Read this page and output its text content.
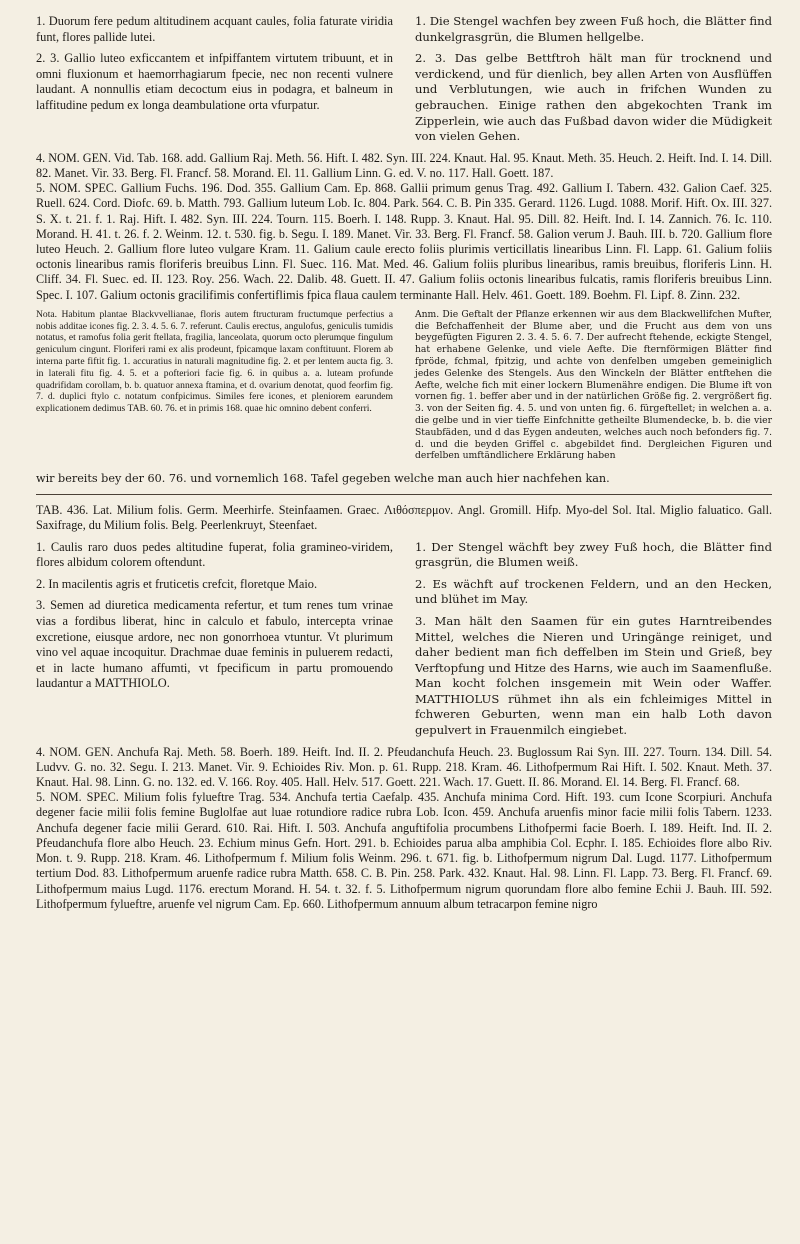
1. Duorum fere pedum altitudinem acquant caules, folia faturate viridia funt, flores pallide lutei.

2. 3. Gallio luteo exficcantem et infpiffantem virtutem tribuunt, et in omni fluxionum et haemorrhagiarum fpecie, nec non recenti vulnere laudant. A nonnullis etiam decoctum eius in podagra, et balneum in laffitudine pedum ex longa deambulatione orta vfurpatur.

1. Die Stengel wachfen bey zween Fuß hoch, die Blätter find dunkelgrasgrün, die Blumen hellgelbe.

2. 3. Das gelbe Bettftroh hält man für trocknend und verdickend, und für dienlich, bey allen Arten von Ausflüffen und Verblutungen, wie auch in frifchen Wunden zu gebrauchen. Einige rathen den abgekochten Trank im Zipperlein, wie auch das Fußbad davon wider die Müdigkeit von vielen Gehen.

4. NOM. GEN. Vid. Tab. 168. add. Gallium Raj. Meth. 56. Hift. I. 482. Syn. III. 224. Knaut. Hal. 95. Knaut. Meth. 35. Heuch. 2. Heift. Ind. I. 14. Dill. 82. Manet. Vir. 33. Berg. Fl. Francf. 58. Morand. El. 11. Gallium Linn. G. ed. V. no. 117. Hall. Goett. 187.

5. NOM. SPEC. Gallium Fuchs. 196. Dod. 355. Gallium Cam. Ep. 868. Gallii primum genus Trag. 492. Gallium I. Tabern. 432. Galion Caef. 325. Ruell. 624. Cord. Diofc. 69. b. Matth. 793. Gallium luteum Lob. Ic. 804. Park. 564. C. B. Pin 335. Gerard. 1126. Lugd. 1088. Morif. Hift. Ox. III. 327. S. X. t. 21. f. 1. Raj. Hift. I. 482. Syn. III. 224. Tourn. 115. Boerh. I. 148. Rupp. 3. Knaut. Hal. 95. Dill. 82. Heift. Ind. I. 14. Zannich. 76. Ic. 110. Morand. H. 41. t. 26. f. 2. Weinm. 12. t. 530. fig. b. Segu. I. 189. Manet. Vir. 33. Berg. Fl. Francf. 58. Galion verum J. Bauh. III. b. 720. Gallium flore luteo Heuch. 2. Gallium flore luteo vulgare Kram. 11. Galium caule erecto foliis plurimis verticillatis linearibus Linn. Fl. Lapp. 61. Galium foliis octonis linearibus ramis floriferis breuibus Linn. Fl. Suec. 116. Mat. Med. 46. Galium foliis pluribus linearibus, ramis breuibus, floriferis Linn. H. Cliff. 34. Fl. Suec. ed. II. 123. Roy. 256. Wach. 22. Dalib. 48. Guett. II. 47. Galium foliis octonis linearibus fulcatis, ramis floriferis breuibus Linn. Spec. I. 107. Galium octonis gracilifimis confertiflimis fpica flaua caulem terminante Hall. Helv. 461. Goett. 189. Boehm. Fl. Lipf. 8. Zinn. 232.

Nota. Habitum plantae Blackvvellianae, floris autem ftructuram fructumque perfectius a nobis additae icones fig. 2. 3. 4. 5. 6. 7. referunt. Caulis erectus, angulofus, geniculis tumidis notatus, et ramofus folia gerit ftellata, fragilia, lanceolata, quorum octo plerumque fingulum geniculum cingunt. Floriferi rami ex alis prodeunt, fpicamque laxam conftituunt. Florem ab interna parte fiftit fig. 1. accuratius in naturali magnitudine fig. 2. et per lentem aucta fig. 3. in laterali fitu fig. 4. 5. et a pofteriori facie fig. 6. in quibus a. a. luteam profunde quadrifidam corollam, b. b. quatuor annexa ftamina, et d. ovarium denotat, quod feorfim fig. 7. d. duplici ftylo c. notatum confpicimus. Similes fere icones, et pleniorem earundem explicationem dedimus TAB. 60. 76. et in primis 168. quae hic omnino debent conferri.

Anm. Die Geftalt der Pflanze erkennen wir aus dem Blackwellifchen Mufter, die Befchaffenheit der Blume aber, und die Frucht aus dem von uns beygefügten Figuren 2. 3. 4. 5. 6. 7. Der aufrecht ftehende, eckigte Stengel, hat erhabene Gelenke, und viele Aefte. Die fternförmigen Blätter find fpröde, fchmal, fpitzig, und achte von denfelben umgeben gemeiniglich jedes Gelenke des Stengels. Aus den Winckeln der Blätter entftehen die Aefte, welche fich mit einer lockern Blumenähre endigen. Die Blume ift von vornen fig. 1. beffer aber und in der natürlichen Größe fig. 2. vergrößert fig. 3. von der Seiten fig. 4. 5. und von unten fig. 6. fürgeftellet; in welchen a. a. die gelbe und in vier tieffe Einfchnitte getheilte Blumendecke, b. b. die vier Staubfäden, und d das Eygen andeuten, welches auch noch befonders fig. 7. d. und die beyden Griffel c. abgebildet find. Dergleichen Figuren und derfelben umftändlichere Erklärung haben

wir bereits bey der 60. 76. und vornemlich 168. Tafel gegeben welche man auch hier nachfehen kan.

TAB. 436. Lat. Milium folis. Germ. Meerhirfe. Steinfaamen. Graec. Λιθόσπερμον. Angl. Gromill. Hifp. Myo-del Sol. Ital. Miglio faluatico. Gall. Saxifrage, du Milium folis. Belg. Peerlenkruyt, Steenfaet.

1. Caulis raro duos pedes altitudine fuperat, folia gramineo-viridem, flores albidum colorem oftendunt.

2. In macilentis agris et fruticetis crefcit, floretque Maio.

3. Semen ad diuretica medicamenta refertur, et tum renes tum vrinae vias a fordibus liberat, hinc in calculo et fabulo, intercepta vrinae excretione, eiusque ardore, nec non gonorrhoea vtuntur. Vt plurimum vino vel aquae incoquitur. Drachmae duae feminis in puluerem redacti, et in lacte humano affumti, vt fpecificum in partu promouendo laudantur a MATTHIOLO.

1. Der Stengel wächft bey zwey Fuß hoch, die Blätter find grasgrün, die Blumen weiß.

2. Es wächft auf trockenen Feldern, und an den Hecken, und blühet im May.

3. Man hält den Saamen für ein gutes Harntreibendes Mittel, welches die Nieren und Uringänge reiniget, und daher bedient man fich deffelben im Stein und Grieß, bey Verftopfung und Hitze des Harns, wie auch im Saamenfluße. Man kocht folchen insgemein mit Wein oder Waffer. MATTHIOLUS rühmet ihn als ein fchleimiges Mittel in fchweren Geburten, wenn man ein halb Loth davon gepulvert in Frauenmilch eingiebet.

4. NOM. GEN. Anchufa Raj. Meth. 58. Boerh. 189. Heift. Ind. II. 2. Pfeudanchufa Heuch. 23. Buglossum Rai Syn. III. 227. Tourn. 134. Dill. 54. Ludvv. G. no. 32. Segu. I. 213. Manet. Vir. 9. Echioides Riv. Mon. p. 61. Rupp. 218. Kram. 46. Lithofpermum Rai Hift. I. 502. Knaut. Meth. 37. Knaut. Hal. 98. Linn. G. no. 132. ed. V. 166. Roy. 405. Hall. Helv. 517. Goett. 221. Wach. 17. Guett. II. 86. Morand. El. 14. Berg. Fl. Francf. 68.

5. NOM. SPEC. Milium folis fylueftre Trag. 534. Anchufa tertia Caefalp. 435. Anchufa minima Cord. Hift. 193. cum Icone Scorpiuri. Anchufa degener facie milii folis femine Buglolfae aut luae rotundiore radice rubra Lob. Icon. 459. Anchufa aruenfis minor facie milii folis Tabern. 1233. Anchufa degener facie milii Gerard. 610. Rai. Hift. I. 503. Anchufa anguftifolia procumbens Lithofpermi facie Boerh. I. 189. Heift. Ind. II. 2. Pfeudanchufa flore albo Heuch. 23. Echium minus Gefn. Hort. 291. b. Echioides parua alba amphibia Col. Ecphr. I. 185. Echioides flore albo Riv. Mon. t. 9. Rupp. 218. Kram. 46. Lithofpermum f. Milium folis Weinm. 296. t. 671. fig. b. Lithofpermum nigrum Dal. Lugd. 1177. Lithofpermum tertium Dod. 83. Lithofpermum aruenfe radice rubra Matth. 658. C. B. Pin. 258. Park. 432. Knaut. Hal. 98. Linn. Fl. Lapp. 73. Berg. Fl. Francf. 69. Lithofpermum maius Lugd. 1176. erectum Morand. H. 54. t. 32. f. 5. Lithofpermum nigrum quorundam flore albo femine Echii J. Bauh. III. 592. Lithofpermum fylueftre, aruenfe vel nigrum Cam. Ep. 660. Lithofpermum annuum album tetracarpon femine nigro
